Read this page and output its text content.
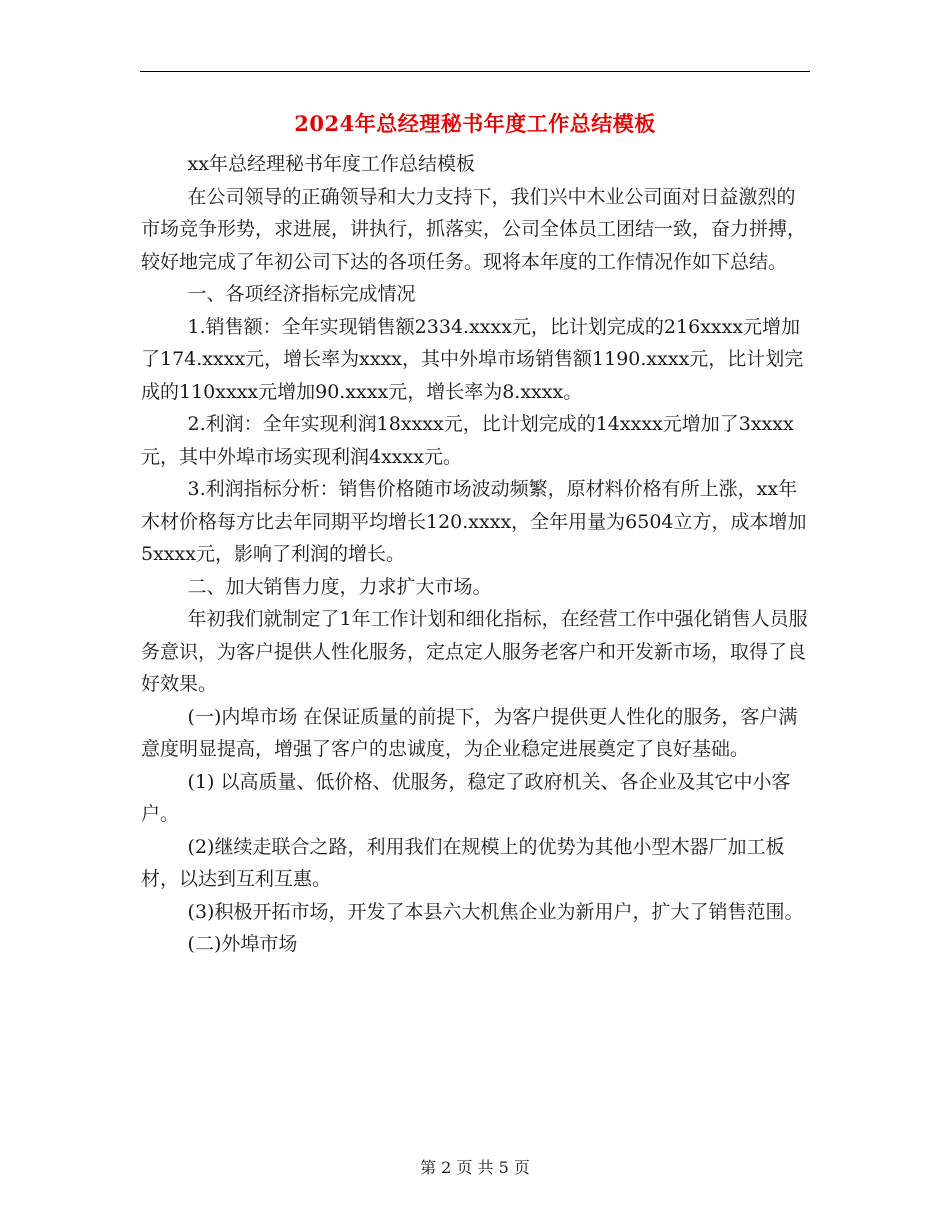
2024年总经理秘书年度工作总结模板

xx年总经理秘书年度工作总结模板

在公司领导的正确领导和大力支持下，我们兴中木业公司面对日益激烈的市场竞争形势，求进展，讲执行，抓落实，公司全体员工团结一致，奋力拼搏，较好地完成了年初公司下达的各项任务。现将本年度的工作情况作如下总结。

一、各项经济指标完成情况

1.销售额：全年实现销售额2334.xxxx元，比计划完成的216xxxx元增加了174.xxxx元，增长率为xxxx，其中外埠市场销售额1190.xxxx元，比计划完成的110xxxx元增加90.xxxx元，增长率为8.xxxx。

2.利润：全年实现利润18xxxx元，比计划完成的14xxxx元增加了3xxxx元，其中外埠市场实现利润4xxxx元。

3.利润指标分析：销售价格随市场波动频繁，原材料价格有所上涨，xx年木材价格每方比去年同期平均增长120.xxxx，全年用量为6504立方，成本增加5xxxx元，影响了利润的增长。

二、加大销售力度，力求扩大市场。

年初我们就制定了1年工作计划和细化指标，在经营工作中强化销售人员服务意识，为客户提供人性化服务，定点定人服务老客户和开发新市场，取得了良好效果。

(一)内埠市场 在保证质量的前提下，为客户提供更人性化的服务，客户满意度明显提高，增强了客户的忠诚度，为企业稳定进展奠定了良好基础。

(1) 以高质量、低价格、优服务，稳定了政府机关、各企业及其它中小客户。

(2)继续走联合之路，利用我们在规模上的优势为其他小型木器厂加工板材，以达到互利互惠。

(3)积极开拓市场，开发了本县六大机焦企业为新用户，扩大了销售范围。

(二)外埠市场

第 2 页 共 5 页
